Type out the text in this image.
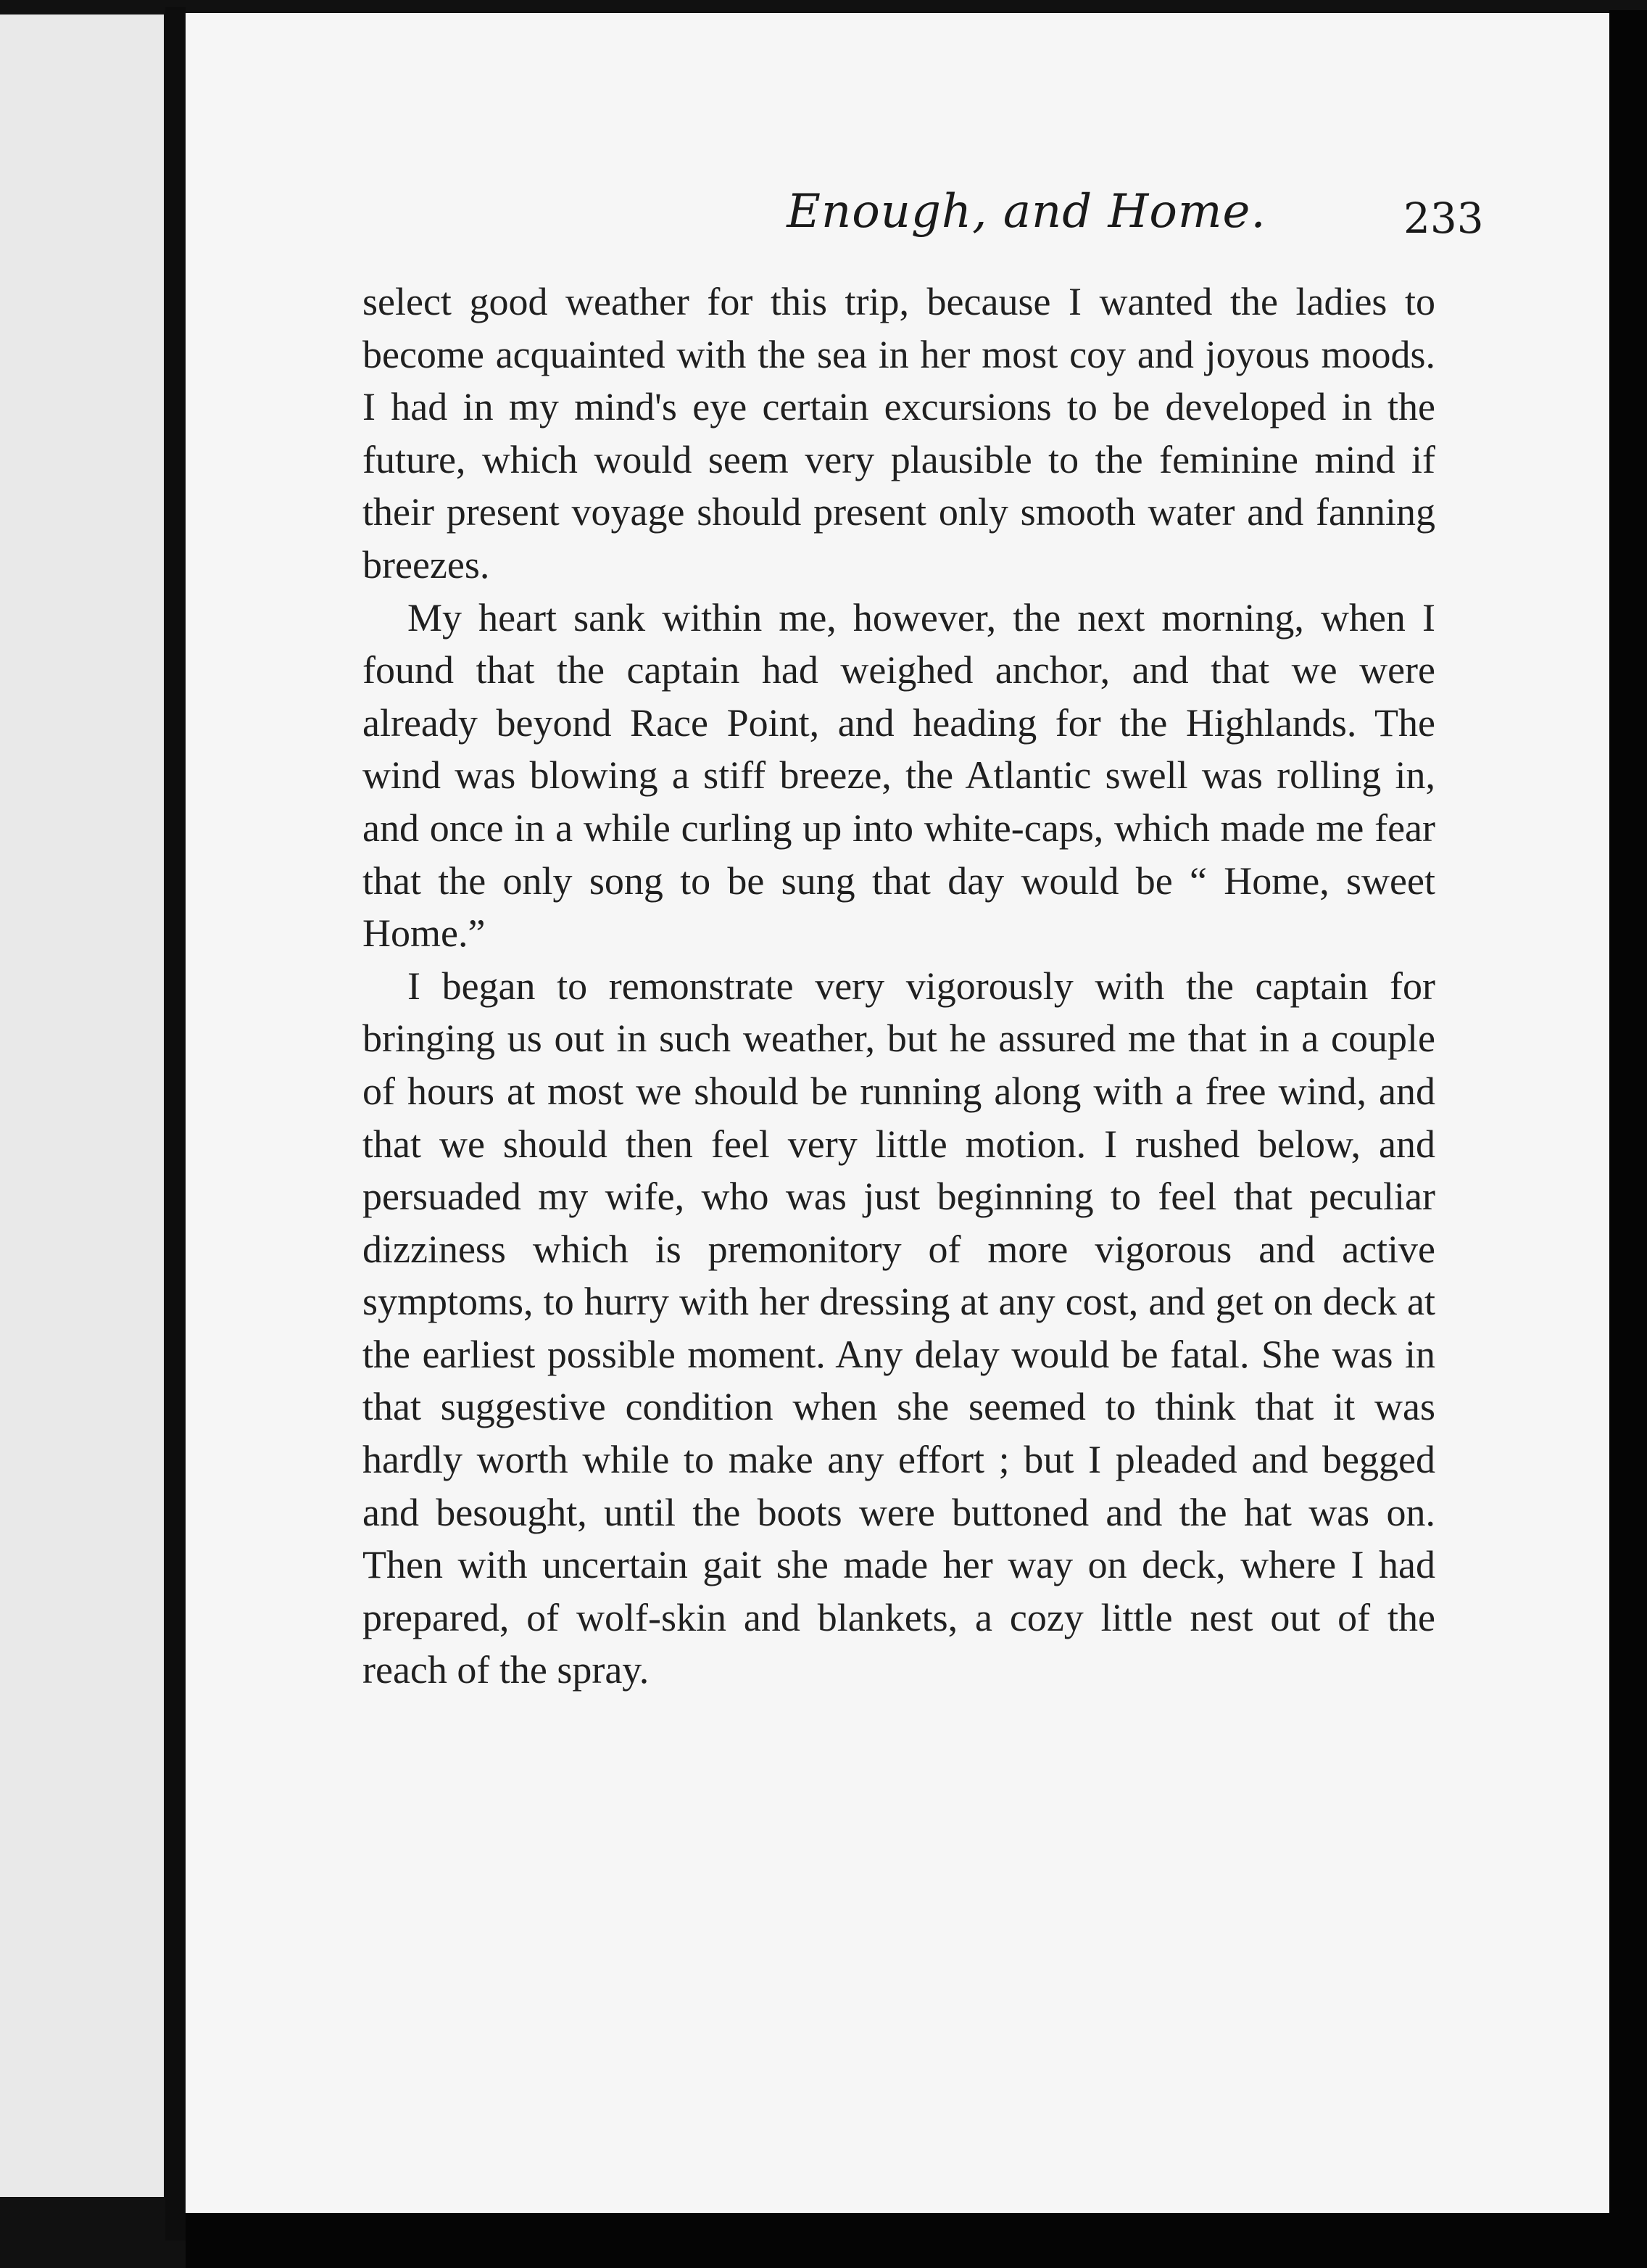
Enough, and Home.	233

select good weather for this trip, because I wanted the ladies to become acquainted with the sea in her most coy and joyous moods. I had in my mind's eye certain excursions to be developed in the future, which would seem very plausible to the feminine mind if their present voyage should present only smooth water and fanning breezes.

My heart sank within me, however, the next morning, when I found that the captain had weighed anchor, and that we were already beyond Race Point, and heading for the Highlands. The wind was blowing a stiff breeze, the Atlantic swell was rolling in, and once in a while curling up into white-caps, which made me fear that the only song to be sung that day would be “ Home, sweet Home.”

I began to remonstrate very vigorously with the captain for bringing us out in such weather, but he assured me that in a couple of hours at most we should be running along with a free wind, and that we should then feel very little motion. I rushed below, and persuaded my wife, who was just beginning to feel that peculiar dizziness which is premonitory of more vigorous and active symptoms, to hurry with her dressing at any cost, and get on deck at the earliest possible moment. Any delay would be fatal. She was in that suggestive condition when she seemed to think that it was hardly worth while to make any effort ; but I pleaded and begged and besought, until the boots were buttoned and the hat was on. Then with uncertain gait she made her way on deck, where I had prepared, of wolf-skin and blankets, a cozy little nest out of the reach of the spray.
